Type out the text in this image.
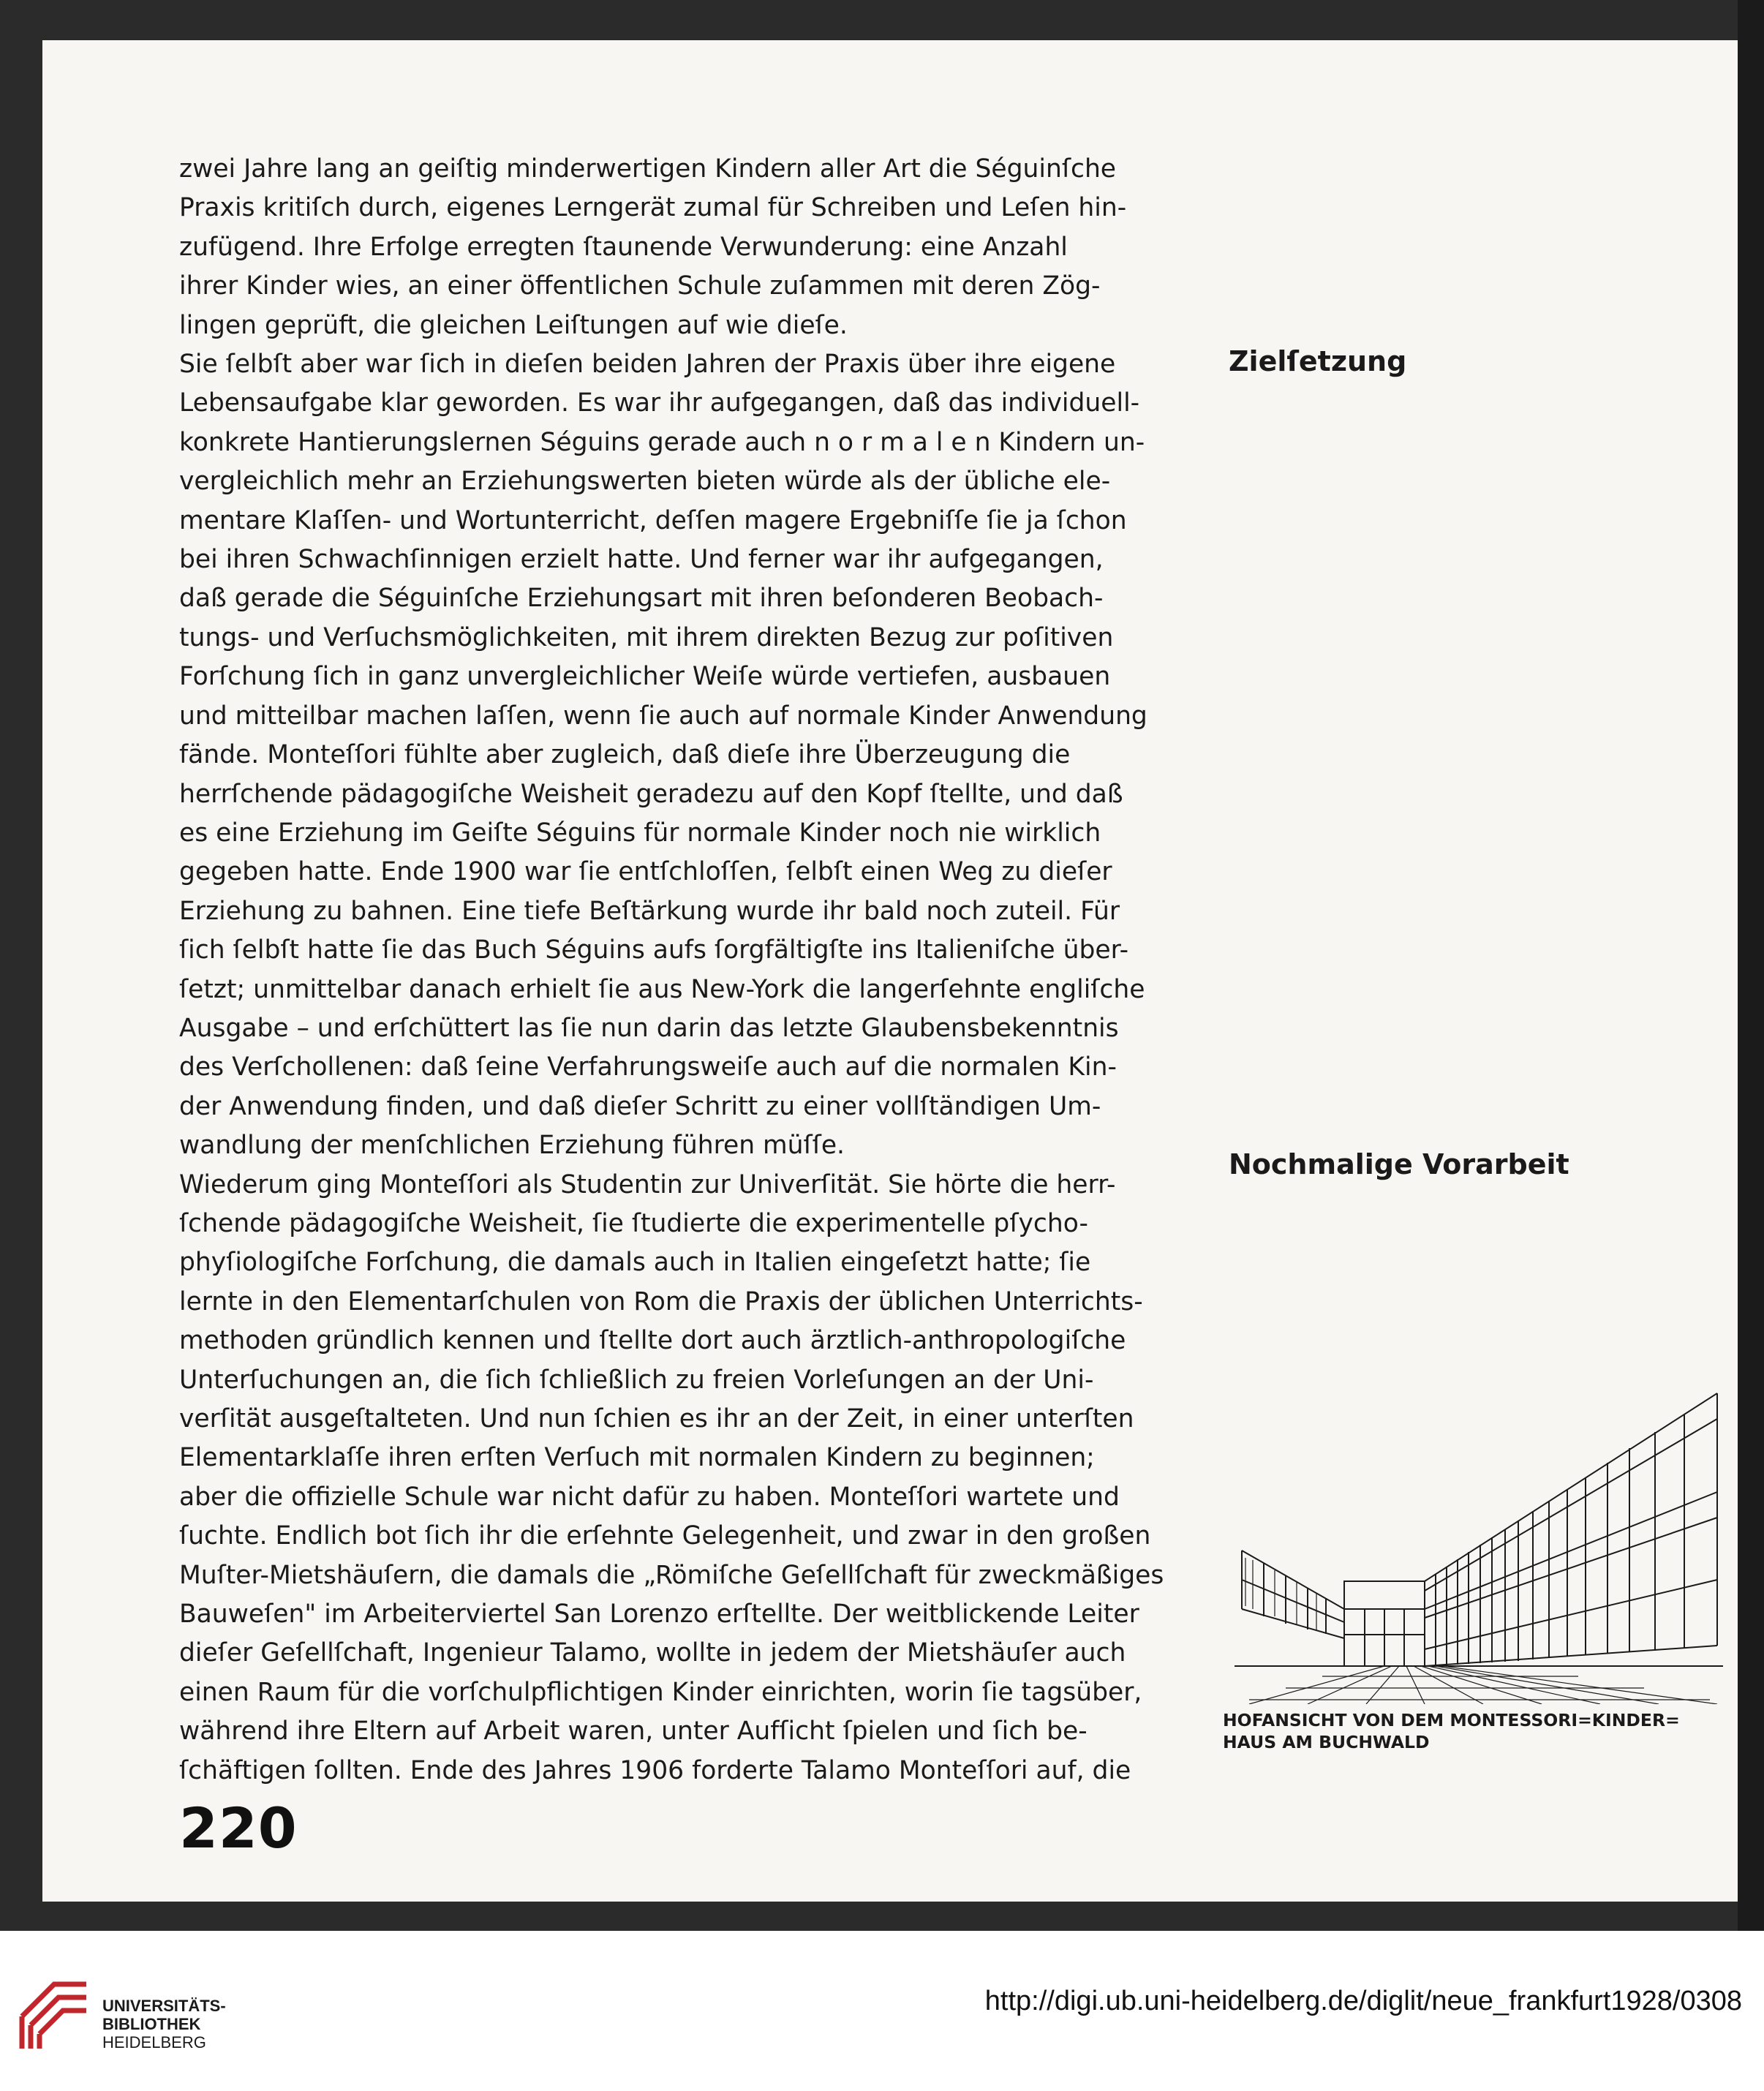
zwei Jahre lang an geiſtig minderwertigen Kindern aller Art die Séguinſche
Praxis kritiſch durch, eigenes Lerngerät zumal für Schreiben und Leſen hin-
zufügend. Ihre Erfolge erregten ſtaunende Verwunderung: eine Anzahl
ihrer Kinder wies, an einer öffentlichen Schule zuſammen mit deren Zög-
lingen geprüft, die gleichen Leiſtungen auf wie dieſe.

Sie ſelbſt aber war ſich in dieſen beiden Jahren der Praxis über ihre eigene
Lebensaufgabe klar geworden. Es war ihr aufgegangen, daß das individuell-
konkrete Hantierungslernen Séguins gerade auch n o r m a l e n Kindern un-
vergleichlich mehr an Erziehungswerten bieten würde als der übliche ele-
mentare Klaſſen- und Wortunterricht, deſſen magere Ergebniſſe ſie ja ſchon
bei ihren Schwachſinnigen erzielt hatte. Und ferner war ihr aufgegangen,
daß gerade die Séguinſche Erziehungsart mit ihren beſonderen Beobach-
tungs- und Verſuchsmöglichkeiten, mit ihrem direkten Bezug zur poſitiven
Forſchung ſich in ganz unvergleichlicher Weiſe würde vertiefen, ausbauen
und mitteilbar machen laſſen, wenn ſie auch auf normale Kinder Anwendung
fände. Monteſſori fühlte aber zugleich, daß dieſe ihre Überzeugung die
herrſchende pädagogiſche Weisheit geradezu auf den Kopf ſtellte, und daß
es eine Erziehung im Geiſte Séguins für normale Kinder noch nie wirklich
gegeben hatte. Ende 1900 war ſie entſchloſſen, ſelbſt einen Weg zu dieſer
Erziehung zu bahnen. Eine tiefe Beſtärkung wurde ihr bald noch zuteil. Für
ſich ſelbſt hatte ſie das Buch Séguins aufs ſorgfältigſte ins Italieniſche über-
ſetzt; unmittelbar danach erhielt ſie aus New-York die langerſehnte engliſche
Ausgabe – und erſchüttert las ſie nun darin das letzte Glaubensbekenntnis
des Verſchollenen: daß ſeine Verfahrungsweiſe auch auf die normalen Kin-
der Anwendung finden, und daß dieſer Schritt zu einer vollſtändigen Um-
wandlung der menſchlichen Erziehung führen müſſe.

Wiederum ging Monteſſori als Studentin zur Univerſität. Sie hörte die herr-
ſchende pädagogiſche Weisheit, ſie ſtudierte die experimentelle pſycho-
phyſiologiſche Forſchung, die damals auch in Italien eingeſetzt hatte; ſie
lernte in den Elementarſchulen von Rom die Praxis der üblichen Unterrichts-
methoden gründlich kennen und ſtellte dort auch ärztlich-anthropologiſche
Unterſuchungen an, die ſich ſchließlich zu freien Vorleſungen an der Uni-
verſität ausgeſtalteten. Und nun ſchien es ihr an der Zeit, in einer unterſten
Elementarklaſſe ihren erſten Verſuch mit normalen Kindern zu beginnen;
aber die offizielle Schule war nicht dafür zu haben. Monteſſori wartete und
ſuchte. Endlich bot ſich ihr die erſehnte Gelegenheit, und zwar in den großen
Muſter-Mietshäuſern, die damals die „Römiſche Geſellſchaft für zweckmäßiges
Bauweſen" im Arbeiterviertel San Lorenzo erſtellte. Der weitblickende Leiter
dieſer Geſellſchaft, Ingenieur Talamo, wollte in jedem der Mietshäuſer auch
einen Raum für die vorſchulpflichtigen Kinder einrichten, worin ſie tagsüber,
während ihre Eltern auf Arbeit waren, unter Aufſicht ſpielen und ſich be-
ſchäftigen ſollten. Ende des Jahres 1906 forderte Talamo Monteſſori auf, die

Zielſetzung
Nochmalige Vorarbeit
HOFANSICHT VON DEM MONTESSORI=KINDER=
HAUS AM BUCHWALD
220
UNIVERSITÄTS-
BIBLIOTHEK
HEIDELBERG
http://digi.ub.uni-heidelberg.de/diglit/neue_frankfurt1928/0308
